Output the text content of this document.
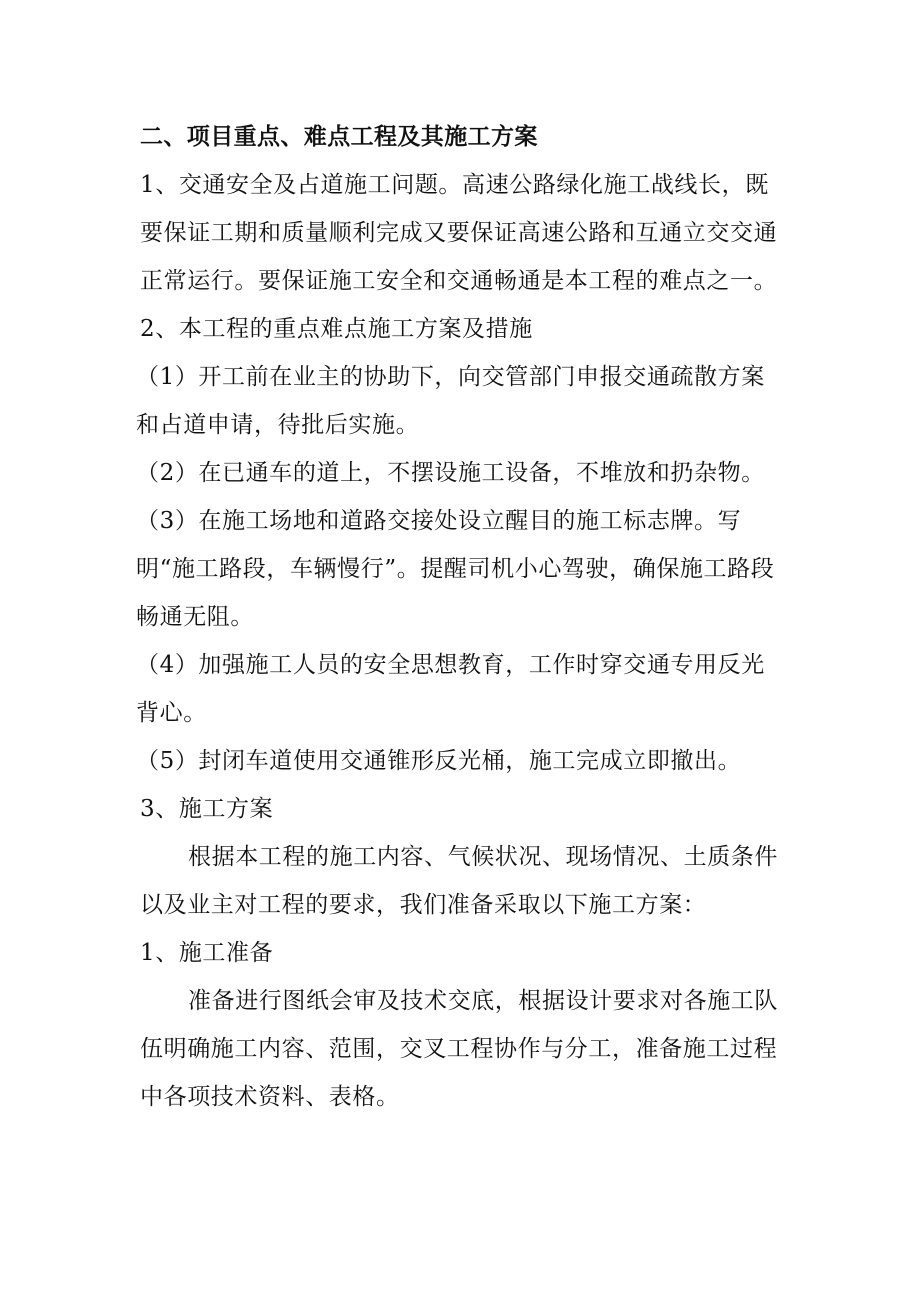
二、项目重点、难点工程及其施工方案

1、交通安全及占道施工问题。高速公路绿化施工战线长，既要保证工期和质量顺利完成又要保证高速公路和互通立交交通正常运行。要保证施工安全和交通畅通是本工程的难点之一。

2、本工程的重点难点施工方案及措施

（1）开工前在业主的协助下，向交管部门申报交通疏散方案和占道申请，待批后实施。

（2）在已通车的道上，不摆设施工设备，不堆放和扔杂物。

（3）在施工场地和道路交接处设立醒目的施工标志牌。写明“施工路段，车辆慢行”。提醒司机小心驾驶，确保施工路段畅通无阻。

（4）加强施工人员的安全思想教育，工作时穿交通专用反光背心。

（5）封闭车道使用交通锥形反光桶，施工完成立即撤出。

3、施工方案

根据本工程的施工内容、气候状况、现场情况、土质条件以及业主对工程的要求，我们准备采取以下施工方案：

1、施工准备

准备进行图纸会审及技术交底，根据设计要求对各施工队伍明确施工内容、范围，交叉工程协作与分工，准备施工过程中各项技术资料、表格。
